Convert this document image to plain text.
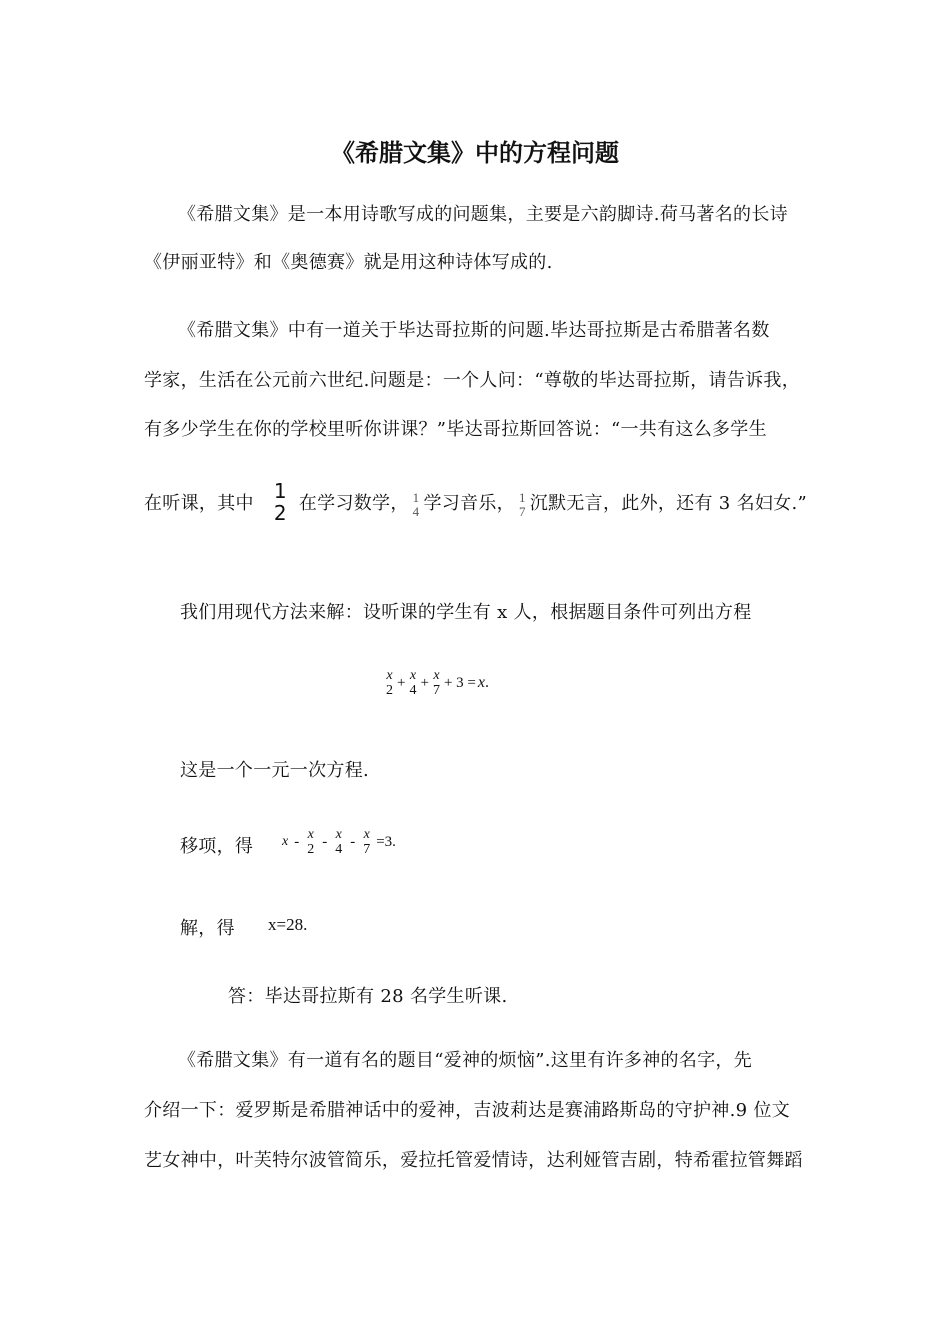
《希腊文集》中的方程问题
《希腊文集》是一本用诗歌写成的问题集，主要是六韵脚诗.荷马著名的长诗
《伊丽亚特》和《奥德赛》就是用这种诗体写成的.
《希腊文集》中有一道关于毕达哥拉斯的问题.毕达哥拉斯是古希腊著名数
学家，生活在公元前六世纪.问题是：一个人问：“尊敬的毕达哥拉斯，请告诉我，
有多少学生在你的学校里听你讲课？”毕达哥拉斯回答说：“一共有这么多学生
在听课，其中
1
2 在学习数学， 1
4 学习音乐， 1
7 沉默无言，此外，还有 3 名妇女.”
我们用现代方法来解：设听课的学生有 x 人，根据题目条件可列出方程
x
2 + x
4 + x
7 + 3 = x .
这是一个一元一次方程.
移项，得 x - x
2 - x
4 - x
7 =3.
解，得 x=28.
答：毕达哥拉斯有 28 名学生听课.
《希腊文集》有一道有名的题目“爱神的烦恼”.这里有许多神的名字，先
介绍一下：爱罗斯是希腊神话中的爱神，吉波莉达是赛浦路斯岛的守护神.9 位文
艺女神中，叶芙特尔波管简乐，爱拉托管爱情诗，达利娅管吉剧，特希霍拉管舞蹈
